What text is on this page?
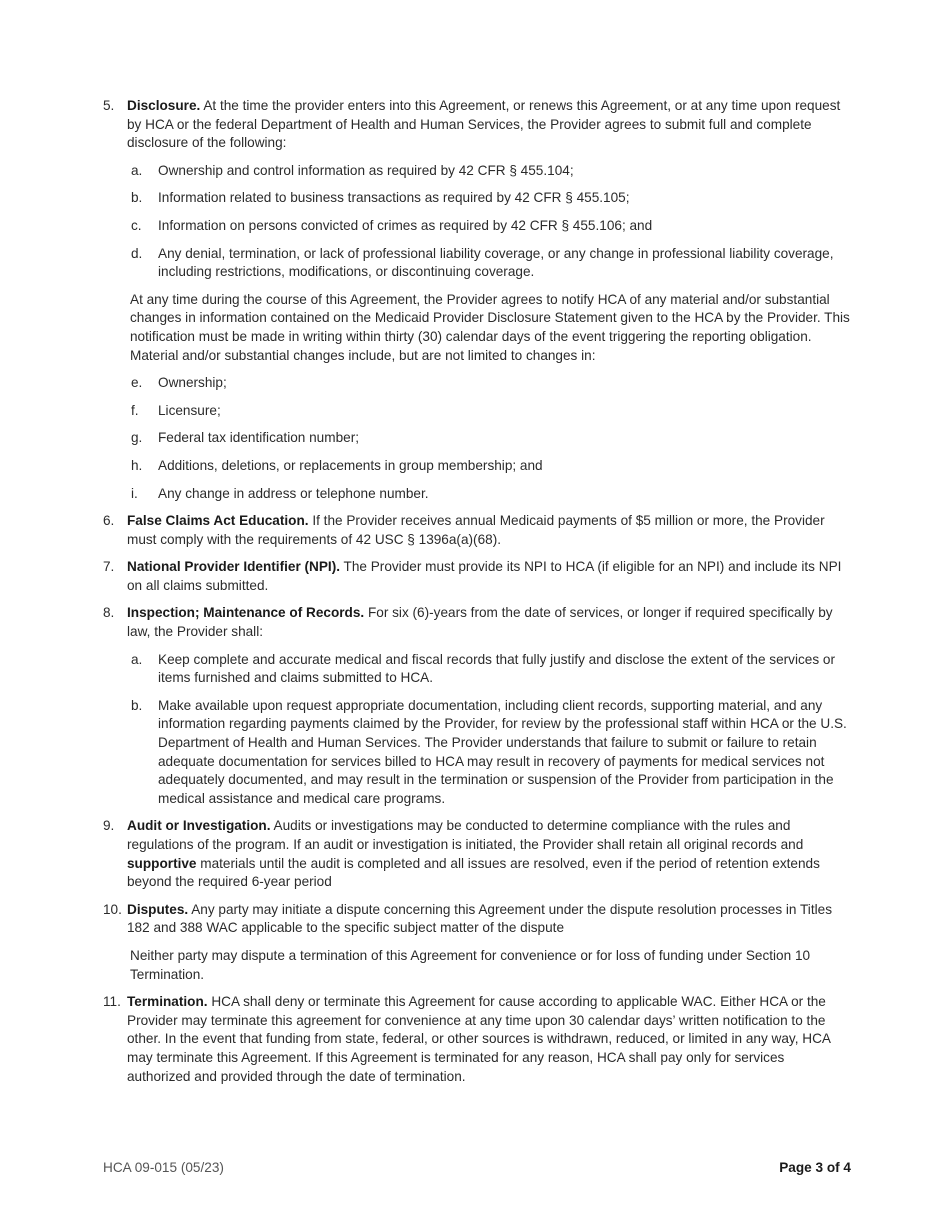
5. Disclosure. At the time the provider enters into this Agreement, or renews this Agreement, or at any time upon request by HCA or the federal Department of Health and Human Services, the Provider agrees to submit full and complete disclosure of the following:
a. Ownership and control information as required by 42 CFR § 455.104;
b. Information related to business transactions as required by 42 CFR § 455.105;
c. Information on persons convicted of crimes as required by 42 CFR § 455.106; and
d. Any denial, termination, or lack of professional liability coverage, or any change in professional liability coverage, including restrictions, modifications, or discontinuing coverage.

At any time during the course of this Agreement, the Provider agrees to notify HCA of any material and/or substantial changes in information contained on the Medicaid Provider Disclosure Statement given to the HCA by the Provider. This notification must be made in writing within thirty (30) calendar days of the event triggering the reporting obligation. Material and/or substantial changes include, but are not limited to changes in:

e. Ownership;
f. Licensure;
g. Federal tax identification number;
h. Additions, deletions, or replacements in group membership; and
i. Any change in address or telephone number.
6. False Claims Act Education. If the Provider receives annual Medicaid payments of $5 million or more, the Provider must comply with the requirements of 42 USC § 1396a(a)(68).
7. National Provider Identifier (NPI). The Provider must provide its NPI to HCA (if eligible for an NPI) and include its NPI on all claims submitted.
8. Inspection; Maintenance of Records. For six (6)-years from the date of services, or longer if required specifically by law, the Provider shall:
a. Keep complete and accurate medical and fiscal records that fully justify and disclose the extent of the services or items furnished and claims submitted to HCA.
b. Make available upon request appropriate documentation, including client records, supporting material, and any information regarding payments claimed by the Provider, for review by the professional staff within HCA or the U.S. Department of Health and Human Services. The Provider understands that failure to submit or failure to retain adequate documentation for services billed to HCA may result in recovery of payments for medical services not adequately documented, and may result in the termination or suspension of the Provider from participation in the medical assistance and medical care programs.
9. Audit or Investigation. Audits or investigations may be conducted to determine compliance with the rules and regulations of the program. If an audit or investigation is initiated, the Provider shall retain all original records and supportive materials until the audit is completed and all issues are resolved, even if the period of retention extends beyond the required 6-year period
10. Disputes. Any party may initiate a dispute concerning this Agreement under the dispute resolution processes in Titles 182 and 388 WAC applicable to the specific subject matter of the dispute

Neither party may dispute a termination of this Agreement for convenience or for loss of funding under Section 10 Termination.

11. Termination. HCA shall deny or terminate this Agreement for cause according to applicable WAC. Either HCA or the Provider may terminate this agreement for convenience at any time upon 30 calendar days’ written notification to the other. In the event that funding from state, federal, or other sources is withdrawn, reduced, or limited in any way, HCA may terminate this Agreement. If this Agreement is terminated for any reason, HCA shall pay only for services authorized and provided through the date of termination.
HCA 09-015 (05/23)	Page 3 of 4
